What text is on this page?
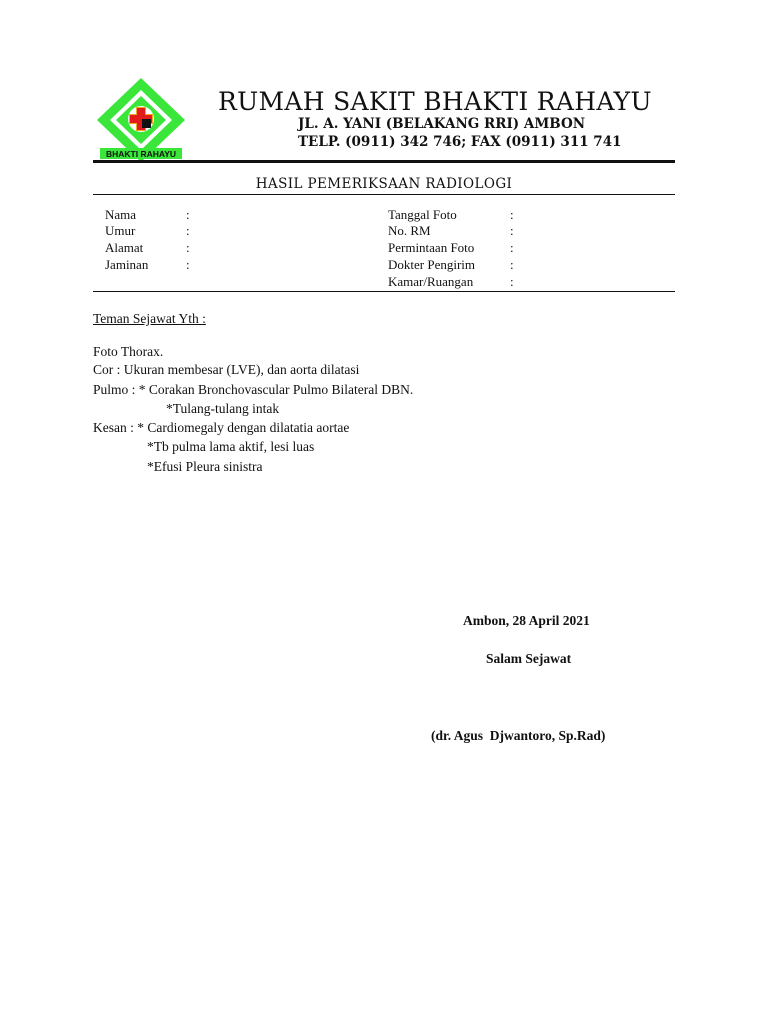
BHAKTI RAHAYU
RUMAH SAKIT BHAKTI RAHAYU
JL. A. YANI (BELAKANG RRI) AMBON
TELP. (0911) 342 746; FAX (0911) 311 741
HASIL PEMERIKSAAN RADIOLOGI
Nama	:
Umur	:
Alamat	:
Jaminan	:
Tanggal Foto	:
No. RM	:
Permintaan Foto	:
Dokter Pengirim	:
Kamar/Ruangan	:
Teman Sejawat Yth :
Foto Thorax.
Cor : Ukuran membesar (LVE), dan aorta dilatasi
Pulmo : * Corakan Bronchovascular Pulmo Bilateral DBN.
*Tulang-tulang intak
Kesan : * Cardiomegaly dengan dilatatia aortae
*Tb pulma lama aktif, lesi luas
*Efusi Pleura sinistra
Ambon, 28 April 2021
Salam Sejawat
(dr. Agus  Djwantoro, Sp.Rad)
